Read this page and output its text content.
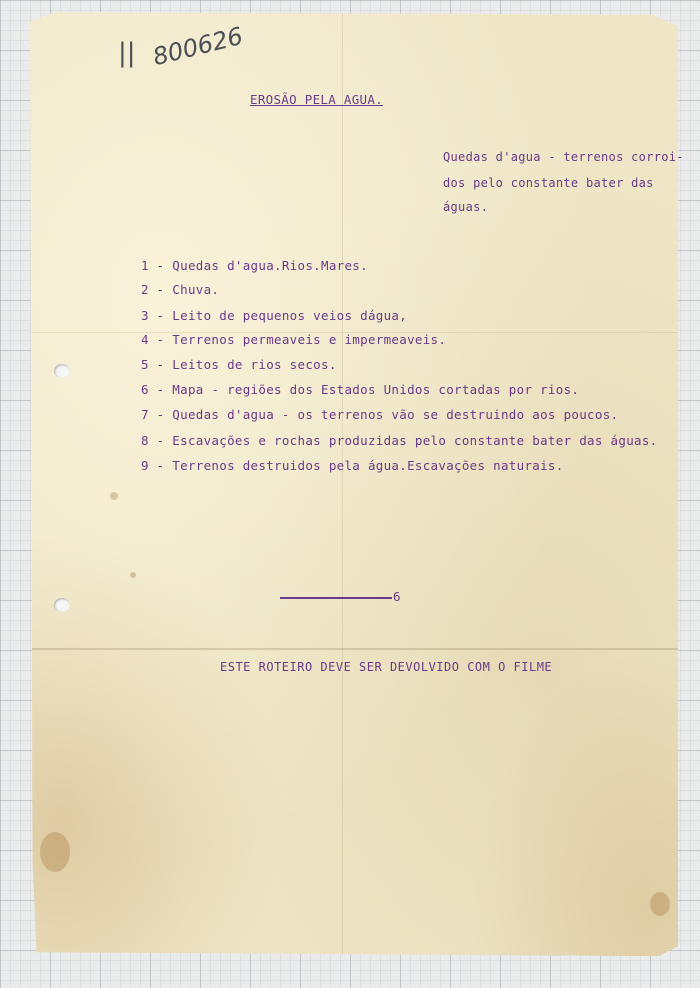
|| 800626
EROSÃO PELA AGUA.
Quedas d'agua - terrenos corroi-
dos pelo constante bater das
águas.
1 - Quedas d'agua.Rios.Mares.
2 - Chuva.
3 - Leito de pequenos veios dágua,
4 - Terrenos permeaveis e impermeaveis.
5 - Leitos de rios secos.
6 - Mapa - regiões dos Estados Unidos cortadas por rios.
7 - Quedas d'agua - os terrenos vão se destruindo aos poucos.
8 - Escavações e rochas produzidas pelo constante bater das águas.
9 - Terrenos destruidos pela água.Escavações naturais.
6
ESTE ROTEIRO DEVE SER DEVOLVIDO COM O FILME
